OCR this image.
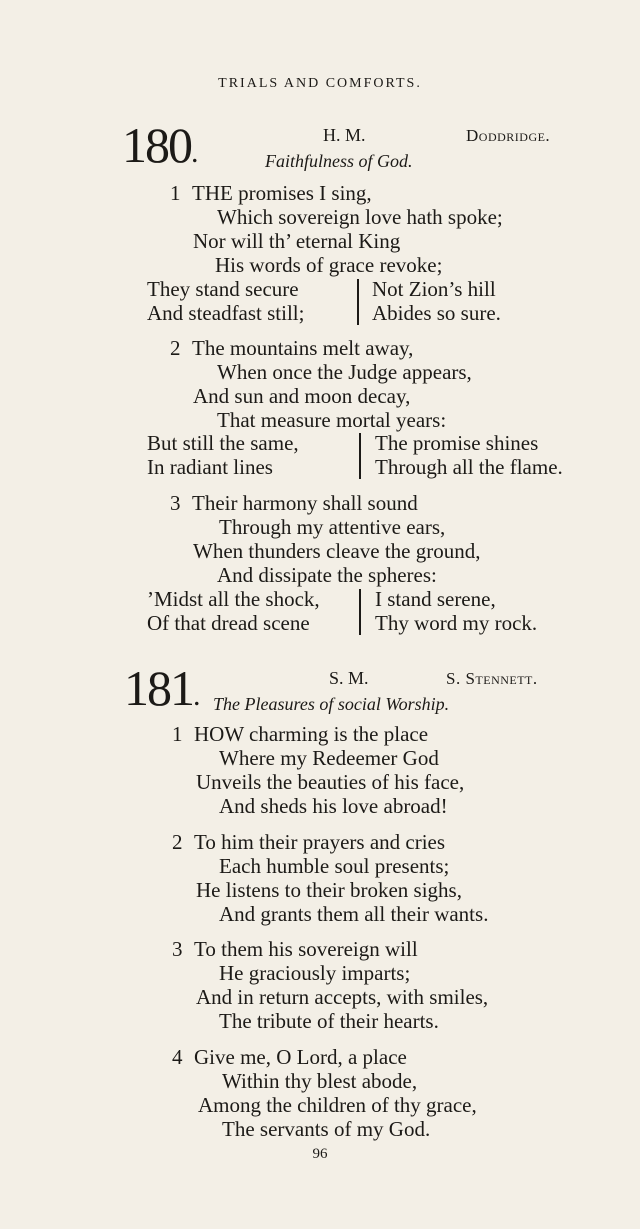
TRIALS AND COMFORTS.
180.
H. M.	Doddridge.
Faithfulness of God.
1 THE promises I sing,
Which sovereign love hath spoke;
Nor will th’ eternal King
His words of grace revoke;
They stand secure
And steadfast still;
Not Zion’s hill
Abides so sure.
2 The mountains melt away,
When once the Judge appears,
And sun and moon decay,
That measure mortal years:
But still the same,
In radiant lines
The promise shines
Through all the flame.
3 Their harmony shall sound
Through my attentive ears,
When thunders cleave the ground,
And dissipate the spheres:
’Midst all the shock,
Of that dread scene
I stand serene,
Thy word my rock.
181.
S. M.	S. Stennett.
The Pleasures of social Worship.
1 HOW charming is the place
Where my Redeemer God
Unveils the beauties of his face,
And sheds his love abroad!
2 To him their prayers and cries
Each humble soul presents;
He listens to their broken sighs,
And grants them all their wants.
3 To them his sovereign will
He graciously imparts;
And in return accepts, with smiles,
The tribute of their hearts.
4 Give me, O Lord, a place
Within thy blest abode,
Among the children of thy grace,
The servants of my God.
96
